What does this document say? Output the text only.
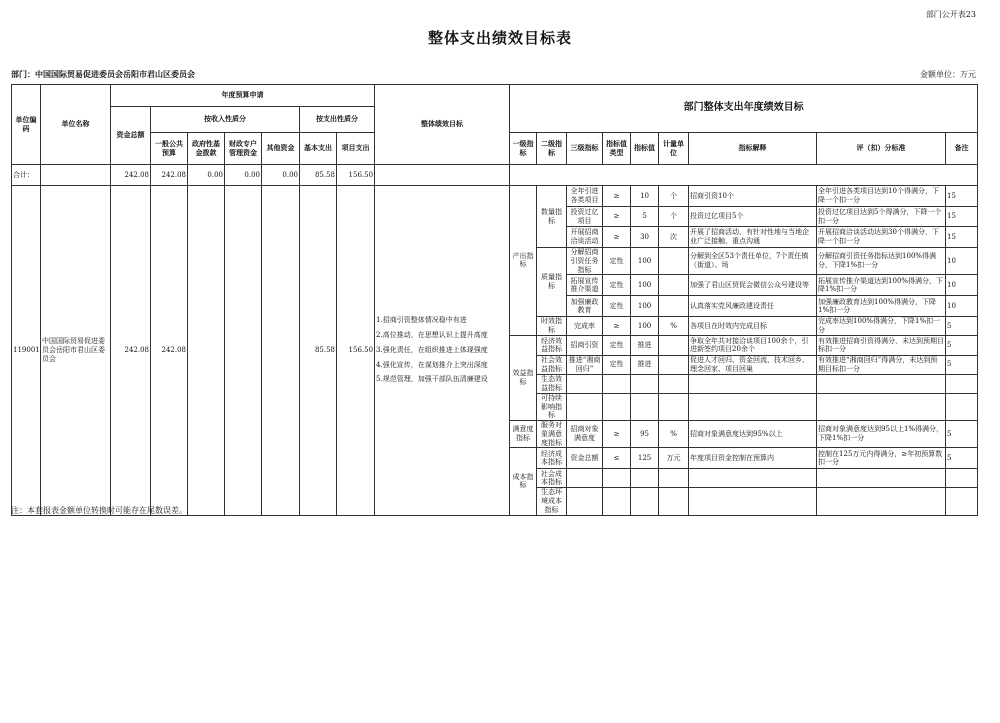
部门公开表23
整体支出绩效目标表
部门：中国国际贸易促进委员会岳阳市君山区委员会	金额单位：万元
单位编码	单位名称	年度预算申请							整体绩效目标	部门整体支出年度绩效目标								
		资金总额	按收入性质分				按支出性质分											
			一般公共预算	政府性基金拨款	财政专户管理资金	其他资金	基本支出	项目支出		一级指标	二级指标	三级指标	指标值类型	指标值	计量单位	指标解释	评（扣）分标准	备注
合计：		242.08	242.08	0.00	0.00	0.00	85.58	156.50										
119001	中国国际贸易促进委员会岳阳市君山区委员会	242.08	242.08				85.58	156.50	1.招商引资整体情况稳中有进
2.高位推动，在思想认识上提升高度
3.强化责任，在组织推进上体现强度
4.强化宣传，在谋划推介上突出深度
5.规范管理，加强干部队伍清廉建设	产出指标	数量指标	全年引进各类项目	≥	10	个	招商引资10个	全年引进各类项目达到10个得满分，下降一个扣一分	15
												投资过亿项目	≥	5	个	投资过亿项目5个	投资过亿项目达到5个得满分，下降一个扣一分	15
												开展招商洽谈活动	≥	30	次	开展了招商活动，有针对性地与当地企业广泛接触、重点沟通	开展招商洽谈活动达到30个得满分，下降一个扣一分	15
											质量指标	分解招商引资任务指标	定性	100		分解到全区53个责任单位，7个责任镇（街道）、场	分解招商引资任务指标达到100%得满分，下降1%扣一分	10
												拓展宣传推介渠道	定性	100		加强了君山区贸促会微信公众号建设等	拓展宣传推介渠道达到100%得满分，下降1%扣一分	10
												加强廉政教育	定性	100		认真落实党风廉政建设责任	加强廉政教育达到100%得满分，下降1%扣一分	10
											时效指标	完成率	≥	100	%	各项目在时效内完成目标	完成率达到100%得满分，下降1%扣一分	5
										效益指标	经济效益指标	招商引资	定性	推进		争取全年共对接洽谈项目100余个，引进新签约项目20余个	有效推进招商引资得满分，未达到预期目标扣一分	5
											社会效益指标	推进“湘商回归”	定性	推进		促进人才回归、资金回流、技术回乡、理念回家、项目回巢	有效推进“湘商回归”得满分，未达到预期目标扣一分	5
											生态效益指标							
											可持续影响指标							
										满意度指标	服务对象满意度指标	招商对象满意度	≥	95	%	招商对象满意度达到95%以上	招商对象满意度达到95以上1%得满分，下降1%扣一分	5
										成本指标	经济成本指标	资金总额	≤	125	万元	年度项目资金控制在预算内	控制在125万元内得满分，≥年初预算数扣一分	5
											社会成本指标							
											生态环境成本指标							
注：本套报表金额单位转换时可能存在尾数误差。
